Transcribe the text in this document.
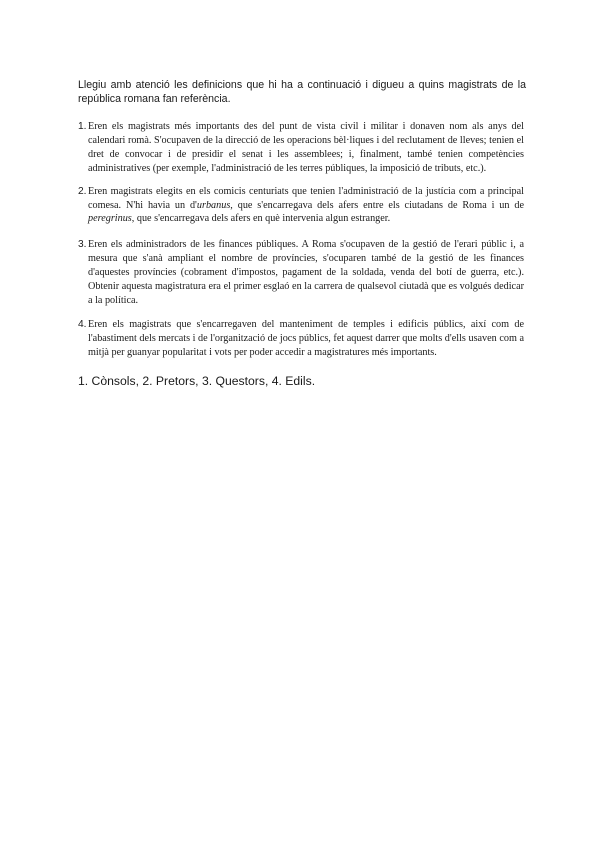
Llegiu amb atenció les definicions que hi ha a continuació i digueu a quins magistrats de la república romana fan referència.

1. Eren els magistrats més importants des del punt de vista civil i militar i donaven nom als anys del calendari romà. S'ocupaven de la direcció de les operacions bèl·liques i del reclutament de lleves; tenien el dret de convocar i de presidir el senat i les assemblees; i, finalment, també tenien competències administratives (per exemple, l'administració de les terres públiques, la imposició de tributs, etc.).
2. Eren magistrats elegits en els comicis centuriats que tenien l'administració de la justícia com a principal comesa. N'hi havia un d'urbanus, que s'encarregava dels afers entre els ciutadans de Roma i un de peregrinus, que s'encarregava dels afers en què intervenia algun estranger.
3. Eren els administradors de les finances públiques. A Roma s'ocupaven de la gestió de l'erari públic i, a mesura que s'anà ampliant el nombre de províncies, s'ocuparen també de la gestió de les finances d'aquestes províncies (cobrament d'impostos, pagament de la soldada, venda del botí de guerra, etc.). Obtenir aquesta magistratura era el primer esglaó en la carrera de qualsevol ciutadà que es volgués dedicar a la política.
4. Eren els magistrats que s'encarregaven del manteniment de temples i edificis públics, així com de l'abastiment dels mercats i de l'organització de jocs públics, fet aquest darrer que molts d'ells usaven com a mitjà per guanyar popularitat i vots per poder accedir a magistratures més importants.

1. Cònsols, 2. Pretors, 3. Questors, 4. Edils.
